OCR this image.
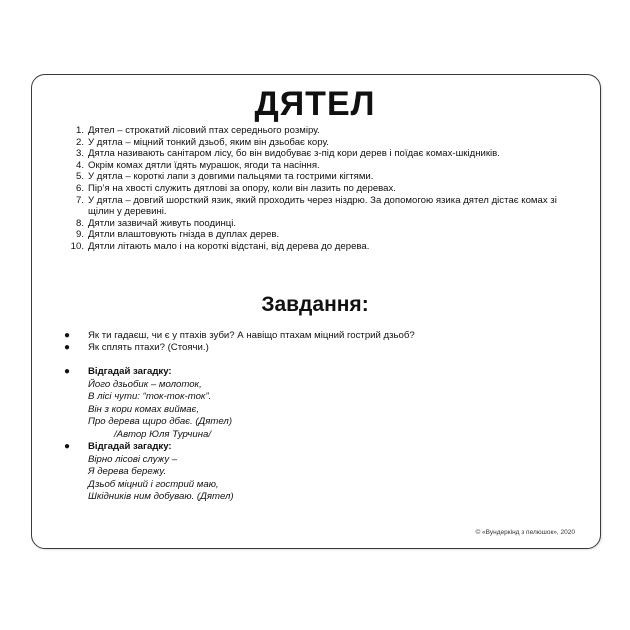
ДЯТЕЛ
1. Дятел – строкатий лісовий птах середнього розміру.
2. У дятла – міцний тонкий дзьоб, яким він дзьобає кору.
3. Дятла називають санітаром лісу, бо він видобуває з-під кори дерев і поїдає комах-шкідників.
4. Окрім комах дятли їдять мурашок, ягоди та насіння.
5. У дятла – короткі лапи з довгими пальцями та гострими кігтями.
6. Пір’я на хвості служить дятлові за опору, коли він лазить по деревах.
7. У дятла – довгий шорсткий язик, який проходить через ніздрю. За допомогою язика дятел дістає комах зі щілин у деревині.
8. Дятли зазвичай живуть поодинці.
9. Дятли влаштовують гнізда в дуплах дерев.
10. Дятли літають мало і на короткі відстані, від дерева до дерева.
Завдання:
● Як ти гадаєш, чи є у птахів зуби? А навіщо птахам міцний гострий дзьоб?
● Як сплять птахи? (Стоячи.)
● Відгадай загадку:
Його дзьобик – молоток,
В лісі чути: “ток-ток-ток”.
Він з кори комах виймає,
Про дерева щиро дбає. (Дятел)
/Автор Юля Турчина/
● Відгадай загадку:
Вірно лісові служу –
Я дерева бережу.
Дзьоб міцний і гострий маю,
Шкідників ним добуваю. (Дятел)
© «Вундеркінд з пелюшок», 2020
